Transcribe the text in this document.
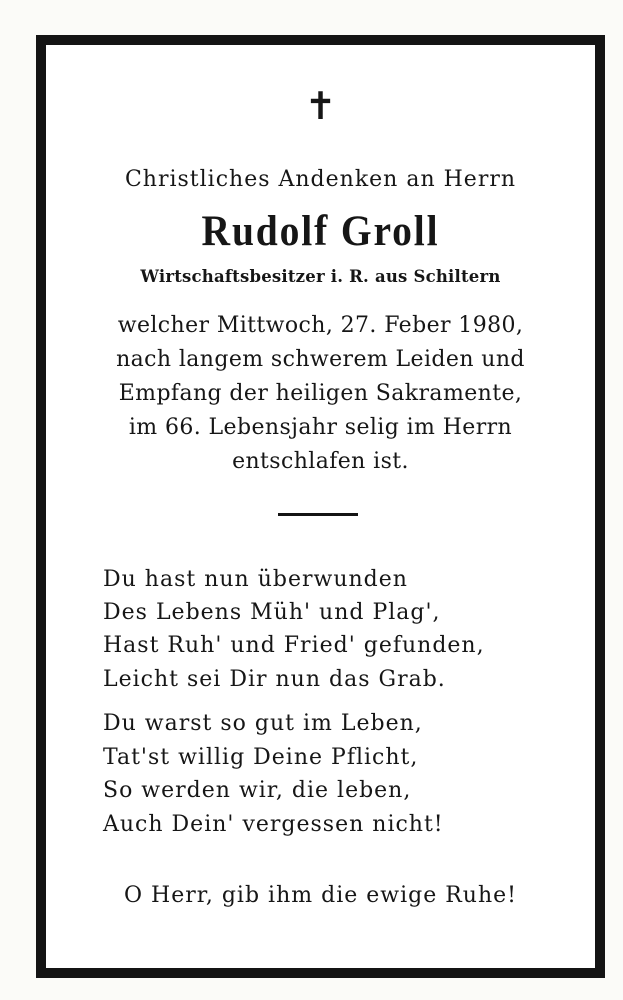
✝
Christliches Andenken an Herrn
Rudolf Groll
Wirtschaftsbesitzer i. R. aus Schiltern
welcher Mittwoch, 27. Feber 1980,
nach langem schwerem Leiden und
Empfang der heiligen Sakramente,
im 66. Lebensjahr selig im Herrn
entschlafen ist.
Du hast nun überwunden
Des Lebens Müh' und Plag',
Hast Ruh' und Fried' gefunden,
Leicht sei Dir nun das Grab.
Du warst so gut im Leben,
Tat'st willig Deine Pflicht,
So werden wir, die leben,
Auch Dein' vergessen nicht!
O Herr, gib ihm die ewige Ruhe!
